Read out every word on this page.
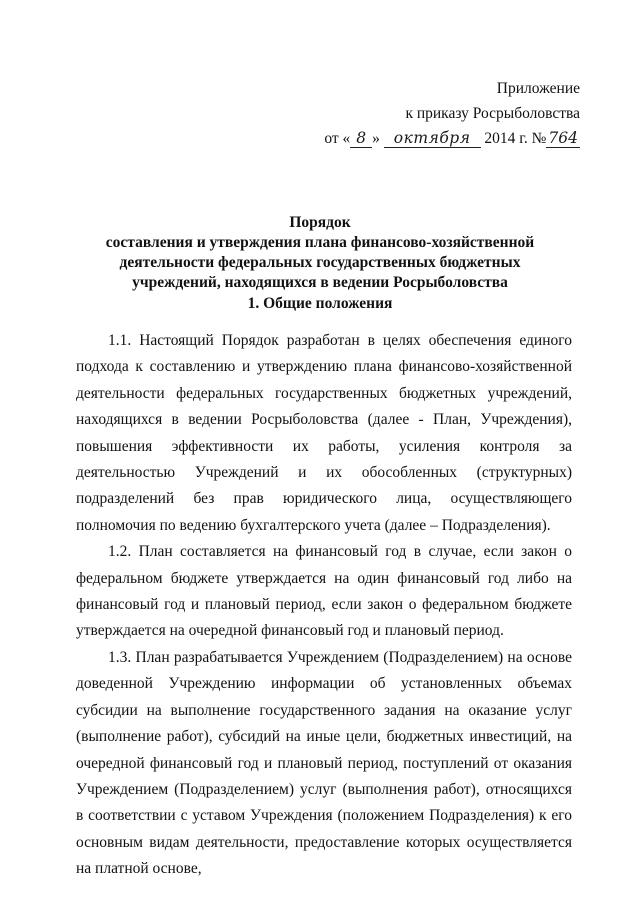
Приложение
к приказу Росрыболовства
от « 8 » октября 2014 г. № 764
Порядок
составления и утверждения плана финансово-хозяйственной
деятельности федеральных государственных бюджетных
учреждений, находящихся в ведении Росрыболовства
1. Общие положения

1.1. Настоящий Порядок разработан в целях обеспечения единого подхода к составлению и утверждению плана финансово-хозяйственной деятельности федеральных государственных бюджетных учреждений, находящихся в ведении Росрыболовства (далее - План, Учреждения), повышения эффективности их работы, усиления контроля за деятельностью Учреждений и их обособленных (структурных) подразделений без прав юридического лица, осуществляющего полномочия по ведению бухгалтерского учета (далее – Подразделения).

1.2. План составляется на финансовый год в случае, если закон о федеральном бюджете утверждается на один финансовый год либо на финансовый год и плановый период, если закон о федеральном бюджете утверждается на очередной финансовый год и плановый период.

1.3. План разрабатывается Учреждением (Подразделением) на основе доведенной Учреждению информации об установленных объемах субсидии на выполнение государственного задания на оказание услуг (выполнение работ), субсидий на иные цели, бюджетных инвестиций, на очередной финансовый год и плановый период, поступлений от оказания Учреждением (Подразделением) услуг (выполнения работ), относящихся в соответствии с уставом Учреждения (положением Подразделения) к его основным видам деятельности, предоставление которых осуществляется на платной основе,
